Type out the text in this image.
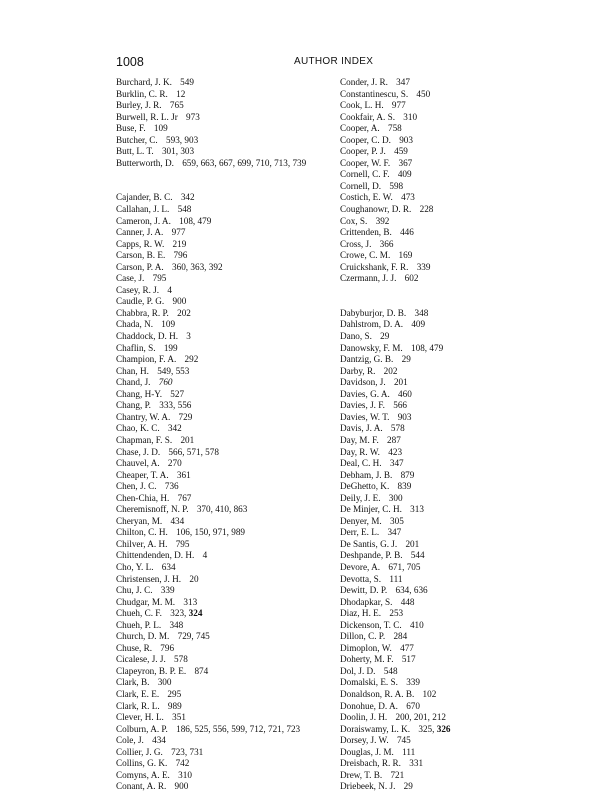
1008	AUTHOR INDEX
Burchard, J. K. 549
Burklin, C. R. 12
Burley, J. R. 765
Burwell, R. L. Jr 973
Buse, F. 109
Butcher, C. 593, 903
Butt, L. T. 301, 303
Butterworth, D. 659, 663, 667, 699, 710, 713, 739
Cajander, B. C. 342
Callahan, J. L. 548
Cameron, J. A. 108, 479
Canner, J. A. 977
Capps, R. W. 219
Carson, B. E. 796
Carson, P. A. 360, 363, 392
Case, J. 795
Casey, R. J. 4
Caudle, P. G. 900
Chabbra, R. P. 202
Chada, N. 109
Chaddock, D. H. 3
Chaflin, S. 199
Champion, F. A. 292
Chan, H. 549, 553
Chand, J. 760
Chang, H-Y. 527
Chang, P. 333, 556
Chantry, W. A. 729
Chao, K. C. 342
Chapman, F. S. 201
Chase, J. D. 566, 571, 578
Chauvel, A. 270
Cheaper, T. A. 361
Chen, J. C. 736
Chen-Chia, H. 767
Cheremisnoff, N. P. 370, 410, 863
Cheryan, M. 434
Chilton, C. H. 106, 150, 971, 989
Chilver, A. H. 795
Chittendenden, D. H. 4
Cho, Y. L. 634
Christensen, J. H. 20
Chu, J. C. 339
Chudgar, M. M. 313
Chueh, C. F. 323, 324
Chueh, P. L. 348
Church, D. M. 729, 745
Chuse, R. 796
Cicalese, J. J. 578
Clapeyron, B. P. E. 874
Clark, B. 300
Clark, E. E. 295
Clark, R. L. 989
Clever, H. L. 351
Colburn, A. P. 186, 525, 556, 599, 712, 721, 723
Cole, J. 434
Collier, J. G. 723, 731
Collins, G. K. 742
Comyns, A. E. 310
Conant, A. R. 900
Conder, J. R. 347
Constantinescu, S. 450
Cook, L. H. 977
Cookfair, A. S. 310
Cooper, A. 758
Cooper, C. D. 903
Cooper, P. J. 459
Cooper, W. F. 367
Cornell, C. F. 409
Cornell, D. 598
Costich, E. W. 473
Coughanowr, D. R. 228
Cox, S. 392
Crittenden, B. 446
Cross, J. 366
Crowe, C. M. 169
Cruickshank, F. R. 339
Czermann, J. J. 602
Dabyburjor, D. B. 348
Dahlstrom, D. A. 409
Dano, S. 29
Danowsky, F. M. 108, 479
Dantzig, G. B. 29
Darby, R. 202
Davidson, J. 201
Davies, G. A. 460
Davies, J. F. 566
Davies, W. T. 903
Davis, J. A. 578
Day, M. F. 287
Day, R. W. 423
Deal, C. H. 347
Debham, J. B. 879
DeGhetto, K. 839
Deily, J. E. 300
De Minjer, C. H. 313
Denyer, M. 305
Derr, E. L. 347
De Santis, G. J. 201
Deshpande, P. B. 544
Devore, A. 671, 705
Devotta, S. 111
Dewitt, D. P. 634, 636
Dhodapkar, S. 448
Diaz, H. E. 253
Dickenson, T. C. 410
Dillon, C. P. 284
Dimoplon, W. 477
Doherty, M. F. 517
Dol, J. D. 548
Domalski, E. S. 339
Donaldson, R. A. B. 102
Donohue, D. A. 670
Doolin, J. H. 200, 201, 212
Doraiswamy, L. K. 325, 326
Dorsey, J. W. 745
Douglas, J. M. 111
Dreisbach, R. R. 331
Drew, T. B. 721
Driebeek, N. J. 29
